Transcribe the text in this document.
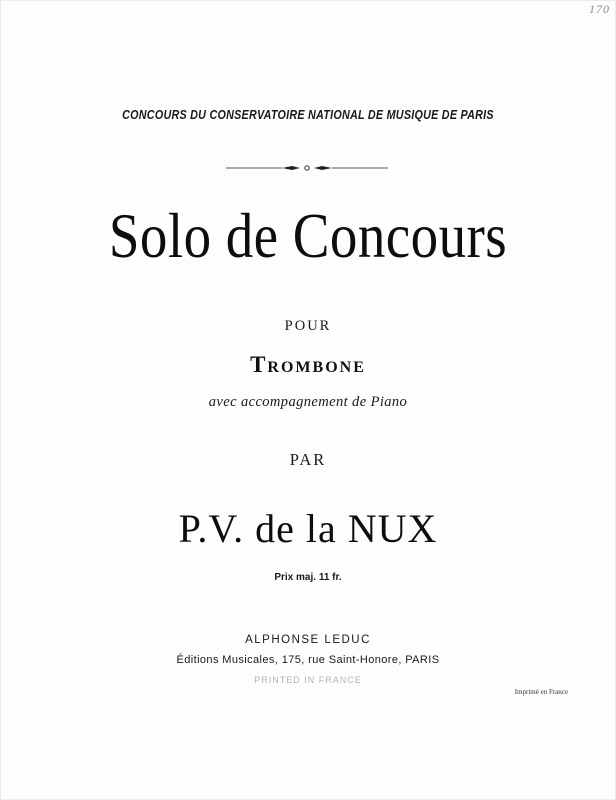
170
CONCOURS DU CONSERVATOIRE NATIONAL DE MUSIQUE DE PARIS
Solo de Concours
POUR
Trombone
avec accompagnement de Piano
PAR
P.V. de la NUX
Prix maj. 11 fr.
ALPHONSE LEDUC
Éditions Musicales, 175, rue Saint-Honore, PARIS
PRINTED IN FRANCE
Imprimé en France
